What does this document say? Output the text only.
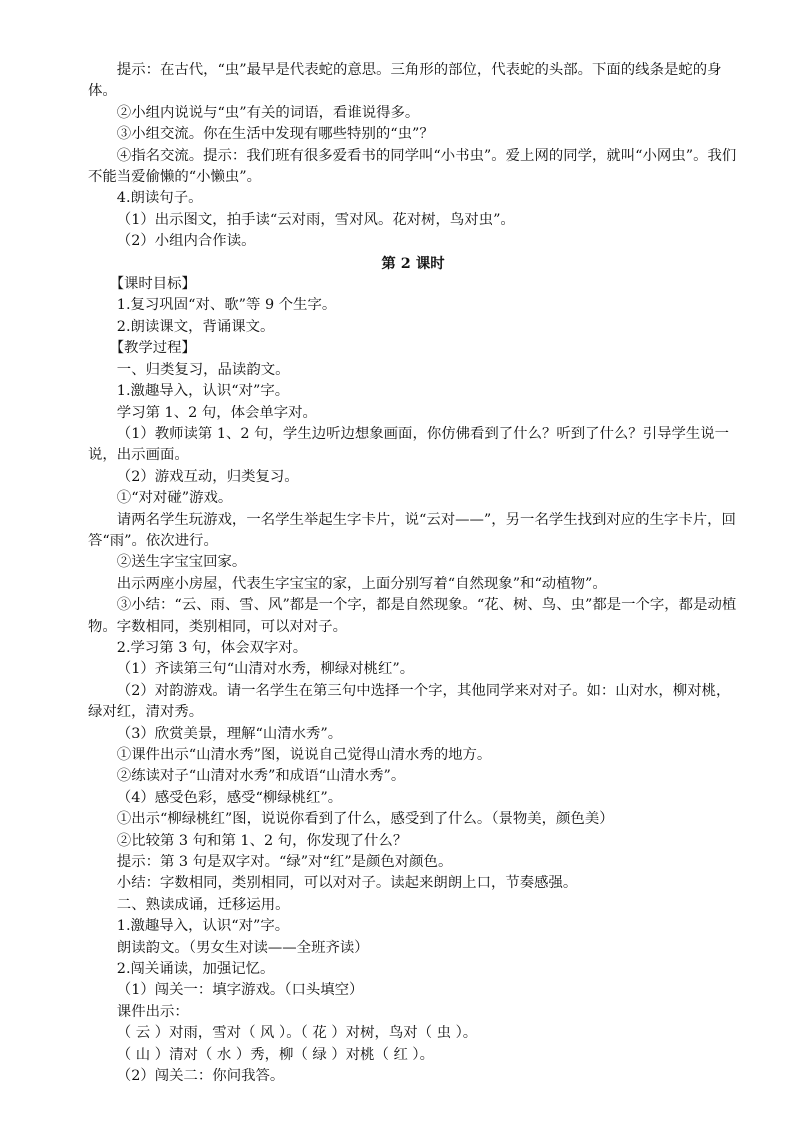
提示：在古代，“虫”最早是代表蛇的意思。三角形的部位，代表蛇的头部。下面的线条是蛇的身体。

②小组内说说与“虫”有关的词语，看谁说得多。

③小组交流。你在生活中发现有哪些特别的“虫”？

④指名交流。提示：我们班有很多爱看书的同学叫“小书虫”。爱上网的同学，就叫“小网虫”。我们不能当爱偷懒的“小懒虫”。

4.朗读句子。

（1）出示图文，拍手读“云对雨，雪对风。花对树，鸟对虫”。

（2）小组内合作读。

第 2 课时

【课时目标】

1.复习巩固“对、歌”等 9 个生字。

2.朗读课文，背诵课文。

【教学过程】

一、归类复习，品读韵文。

1.激趣导入，认识“对”字。

学习第 1、2 句，体会单字对。

（1）教师读第 1、2 句，学生边听边想象画面，你仿佛看到了什么？听到了什么？引导学生说一说，出示画面。

（2）游戏互动，归类复习。

①“对对碰”游戏。

请两名学生玩游戏，一名学生举起生字卡片，说“云对——”，另一名学生找到对应的生字卡片，回答“雨”。依次进行。

②送生字宝宝回家。

出示两座小房屋，代表生字宝宝的家，上面分别写着“自然现象”和“动植物”。

③小结：“云、雨、雪、风”都是一个字，都是自然现象。“花、树、鸟、虫”都是一个字，都是动植物。字数相同，类别相同，可以对对子。

2.学习第 3 句，体会双字对。

（1）齐读第三句“山清对水秀，柳绿对桃红”。

（2）对韵游戏。请一名学生在第三句中选择一个字，其他同学来对对子。如：山对水，柳对桃，绿对红，清对秀。

（3）欣赏美景，理解“山清水秀”。

①课件出示“山清水秀”图，说说自己觉得山清水秀的地方。

②练读对子“山清对水秀”和成语“山清水秀”。

（4）感受色彩，感受“柳绿桃红”。

①出示“柳绿桃红”图，说说你看到了什么，感受到了什么。（景物美，颜色美）

②比较第 3 句和第 1、2 句，你发现了什么？

提示：第 3 句是双字对。“绿”对“红”是颜色对颜色。

小结：字数相同，类别相同，可以对对子。读起来朗朗上口，节奏感强。

二、熟读成诵，迁移运用。

1.激趣导入，认识“对”字。

朗读韵文。（男女生对读——全班齐读）

2.闯关诵读，加强记忆。

（1）闯关一：填字游戏。（口头填空）

课件出示：

（ 云 ）对雨，雪对（ 风 ）。（ 花 ）对树，鸟对（ 虫 ）。

（ 山 ）清对（ 水 ）秀，柳（ 绿 ）对桃（ 红 ）。

（2）闯关二：你问我答。
